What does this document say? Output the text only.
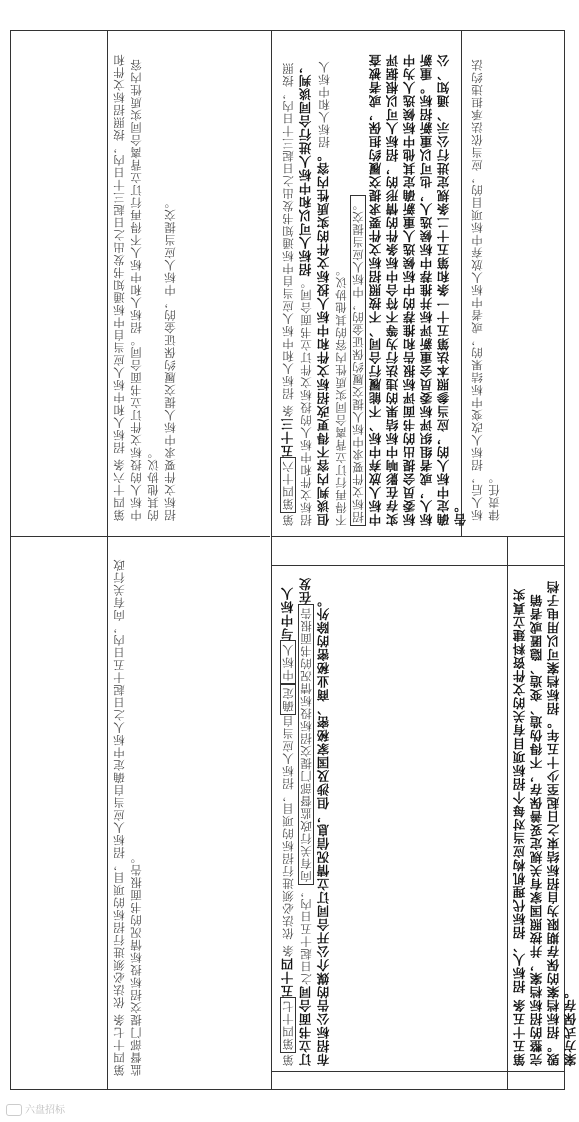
第四十六条 招标人和中标人应当自中标通知书发出之日起三十日内，按照招标文件和中标人的投标文件订立书面合同。招标人和中标人不得再行订立背离合同实质性内容的其他协议。 招标文件要求中标人提交履约保证金的，中标人应当提交。

第四十七条 依法必须进行招标的项目，招标人应当自确定中标人之日起十五日内，向有关行政监督部门提交招标投标情况的书面报告。

标人后，招标人改变中标结果的，或者中标人放弃中标项目的，应当依法承担违约法律责任。

第第四十六五十三条 招标人和中标人应当自中标通知书发出之日起三十日内，按照招标文件和中标人的投标文件订立书面合同。招标人可以和中标人进行合同谈判，但谈判内容不得更改招标文件和中标人投标文件的实质性内容。招标人和中标人不得再行订立背离合同实质性内容的其他协议。 招标文件要求中标人提交履约保证金的，中标人应当提交。 中标人放弃中标、不能履行合同、不按照招标文件要求提交履约担保，或者被查实存在影响中标结果的违法行为等不符合中标条件的情形的，招标人可以根据评标委员会提出的书面评标报告和推荐的中标候选人重新确定其他中标候选人为中标人，或者组织评标委员会重新评标并推荐中标候选人，也可以重新招标。重新确定中标人的，应当参照本法第五十一条和第五十二条规定进行公示、通知、公告。

第第四十七五十四条 依法必须进行招标的项目，招标人应当自确定中标人与中标人订立书面合同之日起十五日内，向有关行政监督部门提交招标投标情况的书面报告在发布招标公告的媒介公开合同订立情况信息，但涉及国家秘密、商业秘密的除外。

第五十五条 招标人、招标代理机构应当对每个招标项目有关的文件资料建立真实完整的招标档案，并按照国家有关规定妥善保存，不得伪造、变造、隐匿或者销毁。招标档案的保存期限为自招标结束之日起至少十五年。招标档案可以用电子档案方式保存。

六盘招标
